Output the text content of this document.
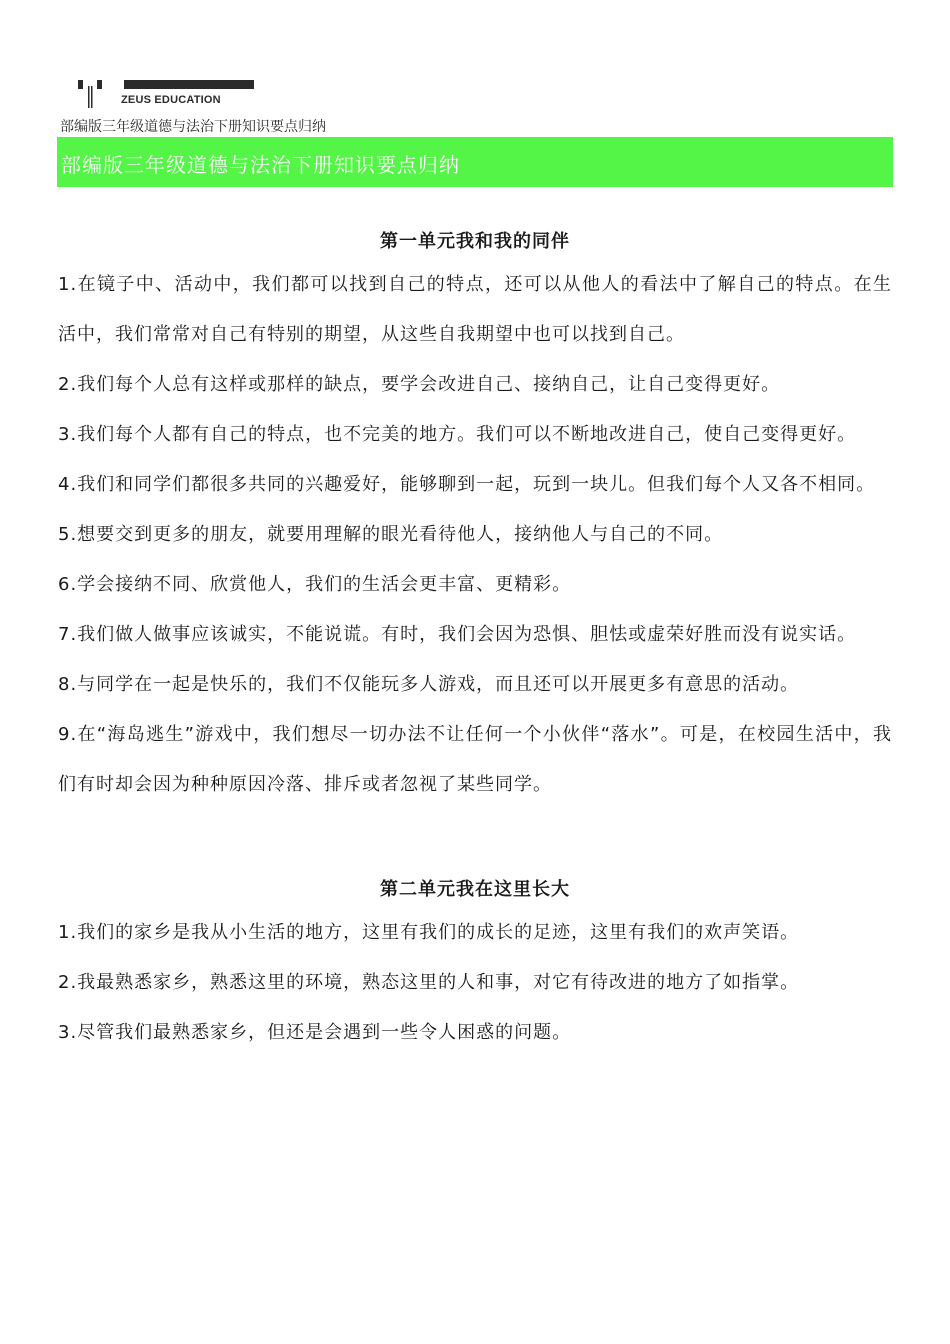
ZEUS EDUCATION
部编版三年级道德与法治下册知识要点归纳
部编版三年级道德与法治下册知识要点归纳
第一单元我和我的同伴

1.在镜子中、活动中，我们都可以找到自己的特点，还可以从他人的看法中了解自己的特点。在生活中，我们常常对自己有特别的期望，从这些自我期望中也可以找到自己。

2.我们每个人总有这样或那样的缺点，要学会改进自己、接纳自己，让自己变得更好。

3.我们每个人都有自己的特点，也不完美的地方。我们可以不断地改进自己，使自己变得更好。

4.我们和同学们都很多共同的兴趣爱好，能够聊到一起，玩到一块儿。但我们每个人又各不相同。

5.想要交到更多的朋友，就要用理解的眼光看待他人，接纳他人与自己的不同。

6.学会接纳不同、欣赏他人，我们的生活会更丰富、更精彩。

7.我们做人做事应该诚实，不能说谎。有时，我们会因为恐惧、胆怯或虚荣好胜而没有说实话。

8.与同学在一起是快乐的，我们不仅能玩多人游戏，而且还可以开展更多有意思的活动。

9.在“海岛逃生”游戏中，我们想尽一切办法不让任何一个小伙伴“落水”。可是，在校园生活中，我们有时却会因为种种原因冷落、排斥或者忽视了某些同学。

第二单元我在这里长大

1.我们的家乡是我从小生活的地方，这里有我们的成长的足迹，这里有我们的欢声笑语。

2.我最熟悉家乡，熟悉这里的环境，熟态这里的人和事，对它有待改进的地方了如指掌。

3.尽管我们最熟悉家乡，但还是会遇到一些令人困惑的问题。
